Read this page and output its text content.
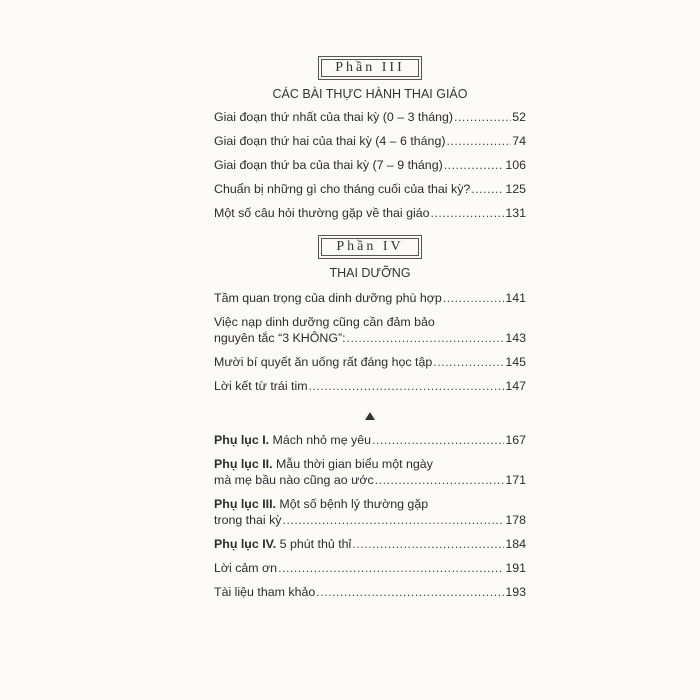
Phần III
CÁC BÀI THỰC HÀNH THAI GIÁO
Giai đoạn thứ nhất của thai kỳ (0 – 3 tháng) .....	52
Giai đoạn thứ hai của thai kỳ (4 – 6 tháng) .....	74
Giai đoạn thứ ba của thai kỳ (7 – 9 tháng) .....	106
Chuẩn bị những gì cho tháng cuối của thai kỳ? .....	125
Một số câu hỏi thường gặp về thai giáo .....	131
Phần IV
THAI DƯỠNG
Tầm quan trọng của dinh dưỡng phù hợp .....	141
Việc nạp dinh dưỡng cũng cần đảm bảo
nguyên tắc “3 KHÔNG”: .....	143
Mười bí quyết ăn uống rất đáng học tập .....	145
Lời kết từ trái tim .....	147
Phụ lục I. Mách nhỏ mẹ yêu .....	167
Phụ lục II. Mẫu thời gian biểu một ngày
mà mẹ bầu nào cũng ao ước .....	171
Phụ lục III. Một số bệnh lý thường gặp
trong thai kỳ .....	178
Phụ lục IV. 5 phút thủ thỉ .....	184
Lời cảm ơn .....	191
Tài liệu tham khảo .....	193
